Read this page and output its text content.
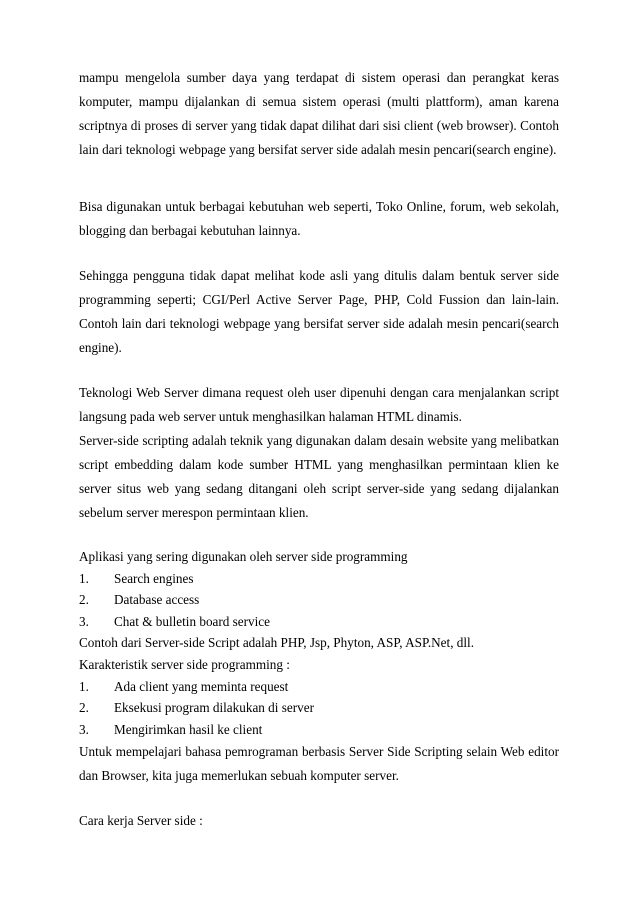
mampu mengelola sumber daya yang terdapat di sistem operasi dan perangkat keras komputer, mampu dijalankan di semua sistem operasi (multi plattform), aman karena scriptnya di proses di server yang tidak dapat dilihat dari sisi client (web browser). Contoh lain dari teknologi webpage yang bersifat server side adalah mesin pencari(search engine).

Bisa digunakan untuk berbagai kebutuhan web seperti, Toko Online, forum, web sekolah, blogging dan berbagai kebutuhan lainnya.

Sehingga pengguna tidak dapat melihat kode asli yang ditulis dalam bentuk server side programming seperti; CGI/Perl Active Server Page, PHP, Cold Fussion dan lain-lain. Contoh lain dari teknologi webpage yang bersifat server side adalah mesin pencari(search engine).

Teknologi Web Server dimana request oleh user dipenuhi dengan cara menjalankan script langsung pada web server untuk menghasilkan halaman HTML dinamis.

Server-side scripting adalah teknik yang digunakan dalam desain website yang melibatkan script embedding dalam kode sumber HTML yang menghasilkan permintaan klien ke server situs web yang sedang ditangani oleh script server-side yang sedang dijalankan sebelum server merespon permintaan klien.

Aplikasi yang sering digunakan oleh server side programming

1.	Search engines
2.	Database access
3.	Chat & bulletin board service

Contoh dari Server-side Script adalah PHP, Jsp, Phyton, ASP, ASP.Net, dll.

Karakteristik server side programming :

1.	Ada client yang meminta request
2.	Eksekusi program dilakukan di server
3.	Mengirimkan hasil ke client

Untuk mempelajari bahasa pemrograman berbasis Server Side Scripting selain Web editor dan Browser, kita juga memerlukan sebuah komputer server.

Cara kerja Server side :
